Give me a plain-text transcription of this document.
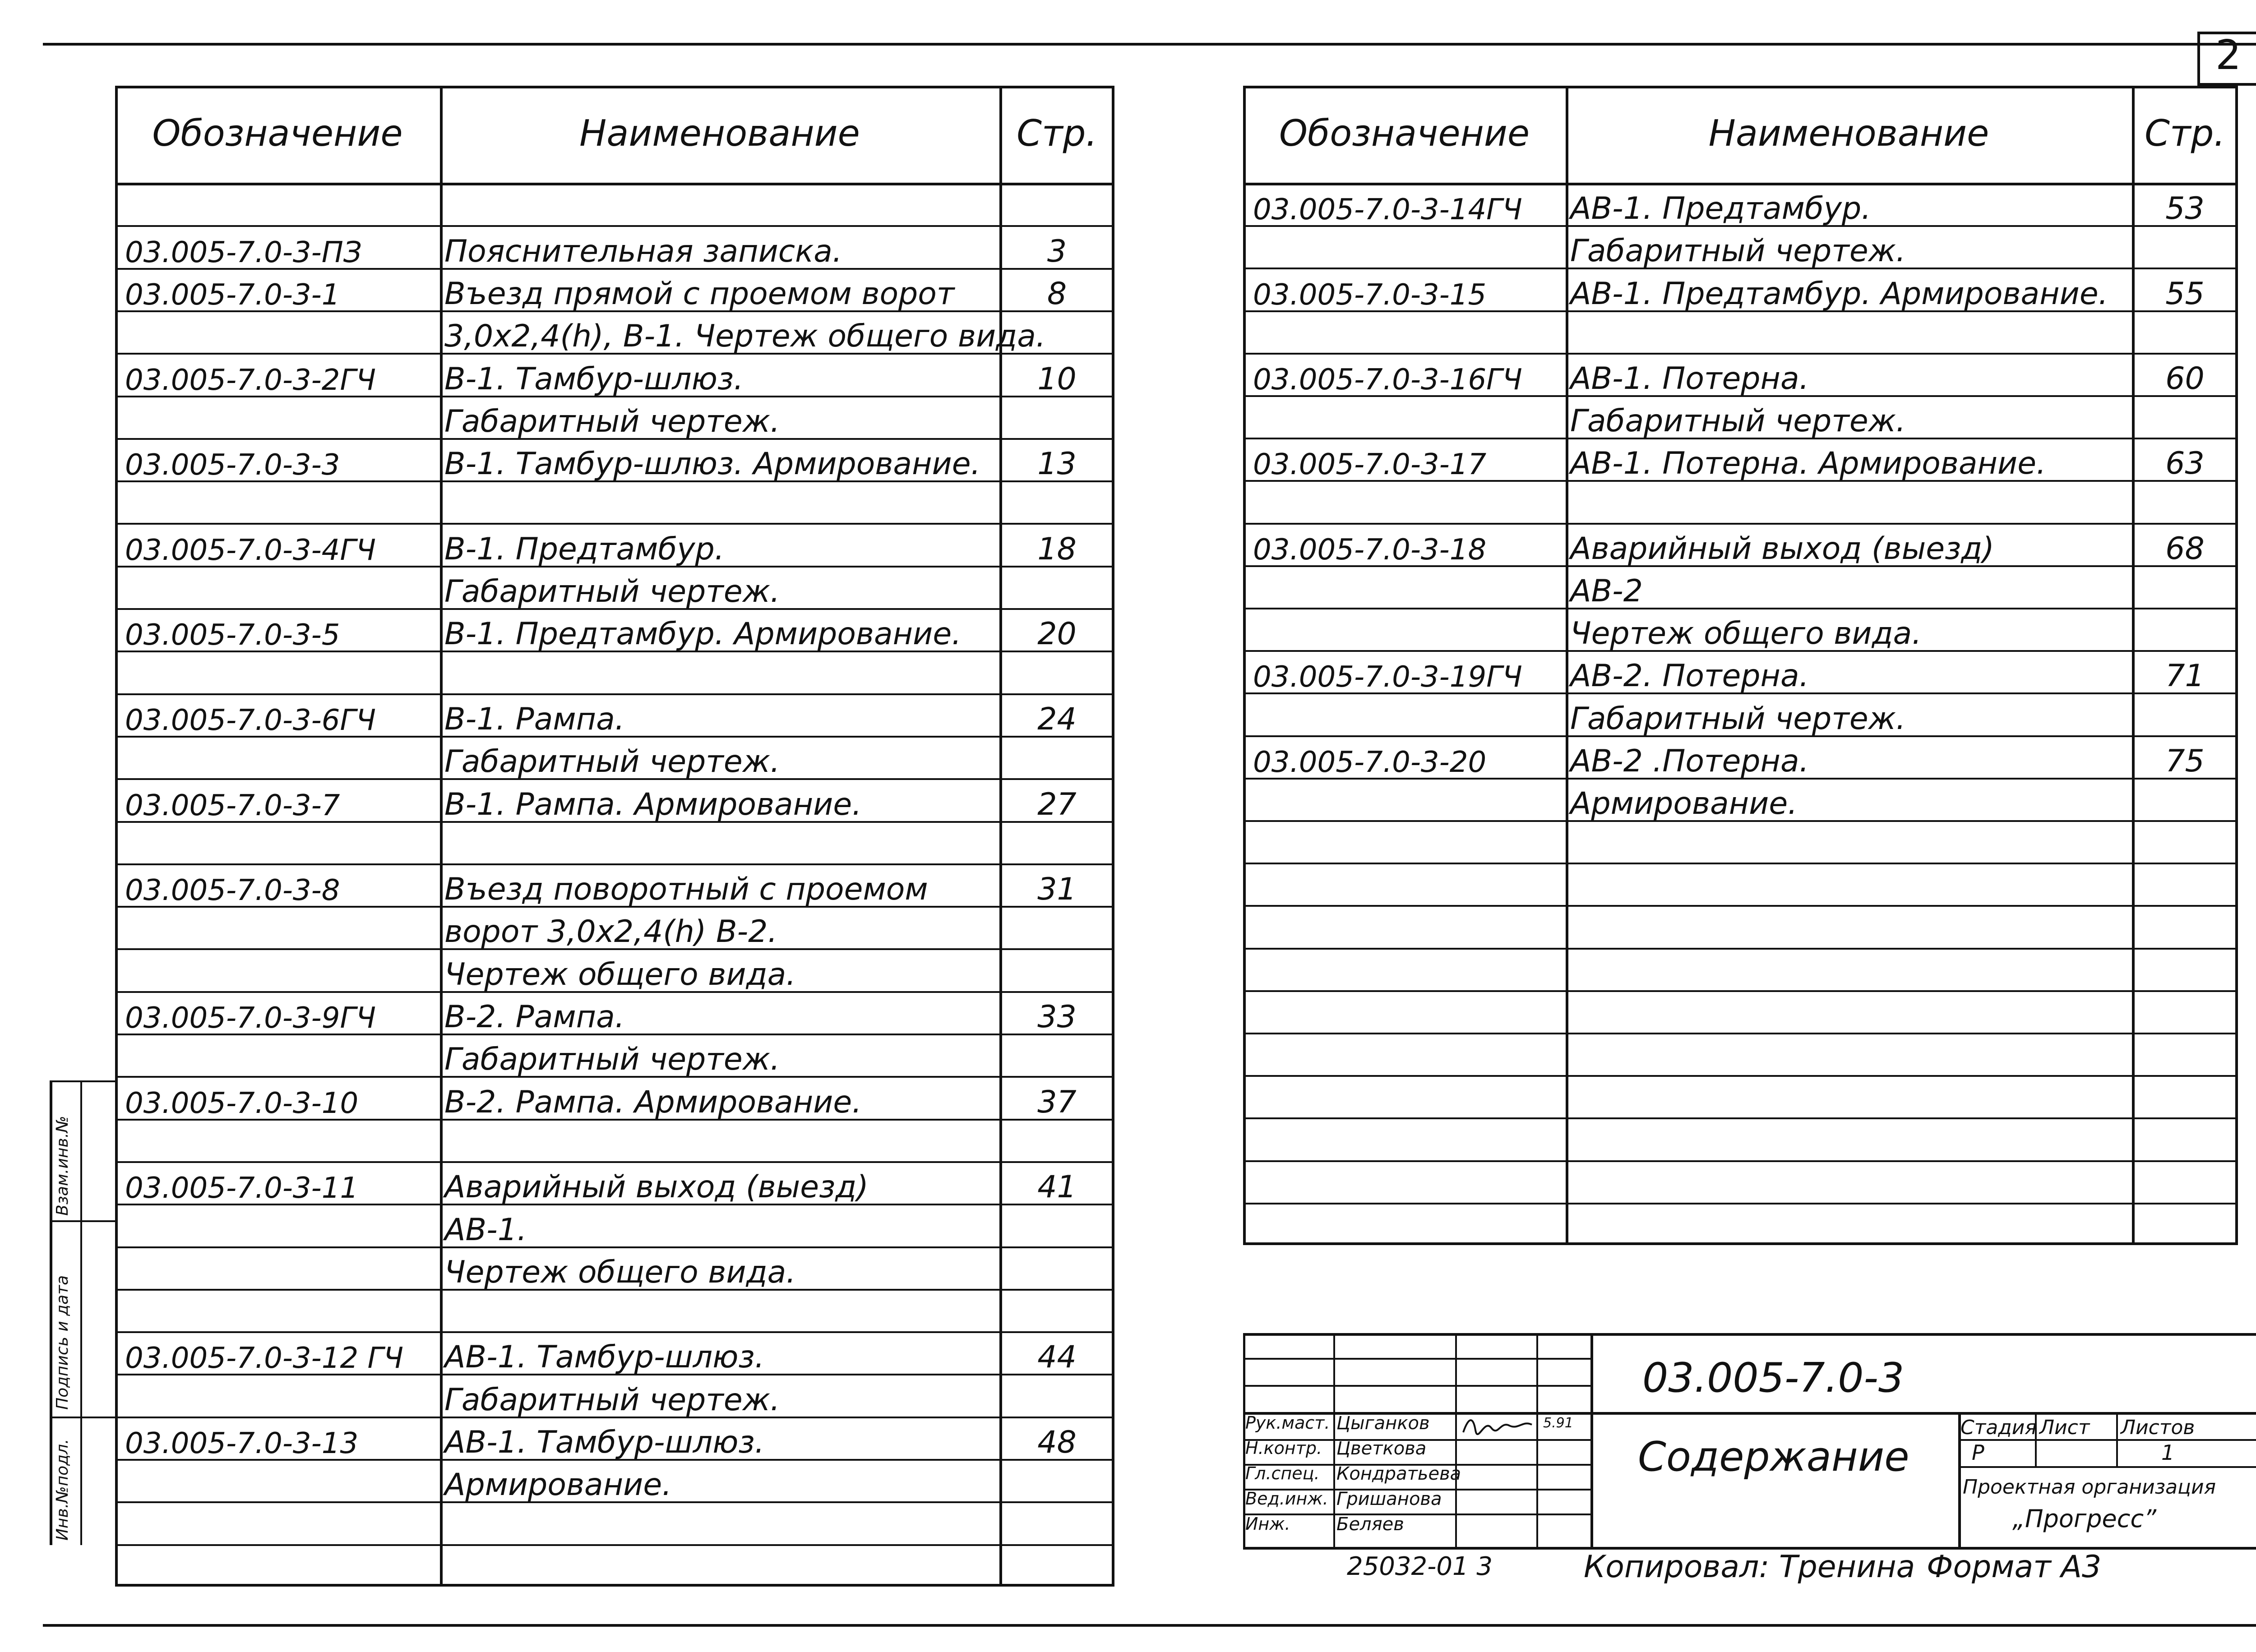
2
Обозначение	Наименование	Стр.
03.005-7.0-3-ПЗ	Пояснительная записка.	3
03.005-7.0-3-1	Въезд прямой с проемом ворот	8
3,0х2,4(h), В-1. Чертеж общего вида.
03.005-7.0-3-2ГЧ В-1. Тамбур-шлюз.	10
Габаритный чертеж.
03.005-7.0-3-3	В-1. Тамбур-шлюз. Армирование.	13
03.005-7.0-3-4ГЧ В-1. Предтамбур.	18
Габаритный чертеж.
03.005-7.0-3-5	В-1. Предтамбур. Армирование.	20
03.005-7.0-3-6ГЧ В-1. Рампа.	24
Габаритный чертеж.
03.005-7.0-3-7	В-1. Рампа. Армирование.	27
03.005-7.0-3-8	Въезд поворотный с проемом	31
ворот 3,0х2,4(h) В-2.
Чертеж общего вида.
03.005-7.0-3-9ГЧ В-2. Рампа.	33
Габаритный чертеж.
03.005-7.0-3-10	В-2. Рампа. Армирование.	37
03.005-7.0-3-11	Аварийный выход (выезд)	41
АВ-1.
Чертеж общего вида.
03.005-7.0-3-12 ГЧ АВ-1. Тамбур-шлюз.	44
Габаритный чертеж.
03.005-7.0-3-13	АВ-1. Тамбур-шлюз.	48
Армирование.
Обозначение	Наименование	Стр.
03.005-7.0-3-14ГЧ АВ-1. Предтамбур.	53
Габаритный чертеж.
03.005-7.0-3-15	АВ-1. Предтамбур. Армирование.	55
03.005-7.0-3-16ГЧ АВ-1. Потерна.	60
Габаритный чертеж.
03.005-7.0-3-17	АВ-1. Потерна. Армирование.	63
03.005-7.0-3-18	Аварийный выход (выезд)	68
АВ-2
Чертеж общего вида.
03.005-7.0-3-19ГЧ АВ-2. Потерна.	71
Габаритный чертеж.
03.005-7.0-3-20	АВ-2 .Потерна.	75
Армирование.
Взам.инв.№
Подпись и дата
Инв.№подл.
Рук.маст. Цыганков
Н.контр. Цветкова
Гл.спец. Кондратьева
Вед.инж. Гришанова
Инж.	Беляев
5.91
03.005-7.0-3
Содержание
Стадия Лист Листов
Р	1
Проектная организация
„Прогресс”
25032-01 3	Копировал: Тренина Формат А3
